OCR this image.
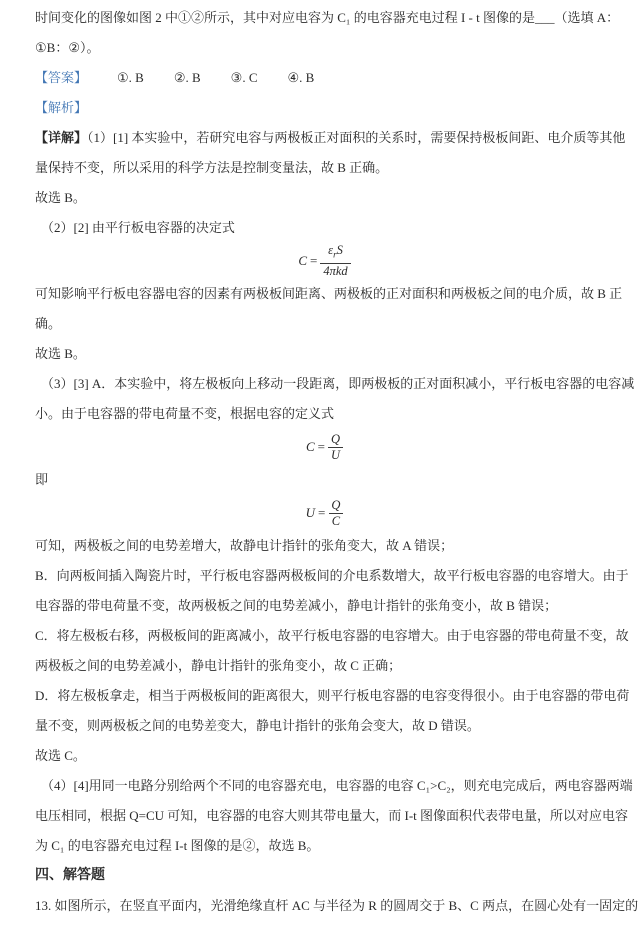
时间变化的图像如图 2 中①②所示，其中对应电容为 C₁ 的电容器充电过程 I - t 图像的是___（选填 A：
①B：②）。
【答案】 ①. B ②. B ③. C ④. B
【解析】
【详解】（1）[1] 本实验中，若研究电容与两极板正对面积的关系时，需要保持极板间距、电介质等其他
量保持不变，所以采用的科学方法是控制变量法，故 B 正确。
故选 B。
（2）[2] 由平行板电容器的决定式
$C = \frac{\varepsilon_rS}{\text{4πkd}}$
可知影响平行板电容器电容的因素有两极板间距离、两极板的正对面积和两极板之间的电介质，故 B 正
确。
故选 B。
（3）[3] A．本实验中，将左极板向上移动一段距离，即两极板的正对面积减小，平行板电容器的电容减
小。由于电容器的带电荷量不变，根据电容的定义式
$C = \frac{Q}{U}$
即
$U = \frac{Q}{C}$
可知，两极板之间的电势差增大，故静电计指针的张角变大，故 A 错误；
B．向两板间插入陶瓷片时，平行板电容器两极板间的介电系数增大，故平行板电容器的电容增大。由于
电容器的带电荷量不变，故两极板之间的电势差减小，静电计指针的张角变小，故 B 错误；
C．将左极板右移，两极板间的距离减小，故平行板电容器的电容增大。由于电容器的带电荷量不变，故
两极板之间的电势差减小，静电计指针的张角变小，故 C 正确；
D．将左极板拿走，相当于两极板间的距离很大，则平行板电容器的电容变得很小。由于电容器的带电荷
量不变，则两极板之间的电势差变大，静电计指针的张角会变大，故 D 错误。
故选 C。
（4）[4]用同一电路分别给两个不同的电容器充电，电容器的电容 C₁>C₂，则充电完成后，两电容器两端
电压相同，根据 Q=CU 可知，电容器的电容大则其带电量大，而 I-t 图像面积代表带电量，所以对应电容
为 C₁ 的电容器充电过程 I-t 图像的是②，故选 B。
四、解答题
13. 如图所示，在竖直平面内，光滑绝缘直杆 AC 与半径为 R 的圆周交于 B、C 两点，在圆心处有一固定的
